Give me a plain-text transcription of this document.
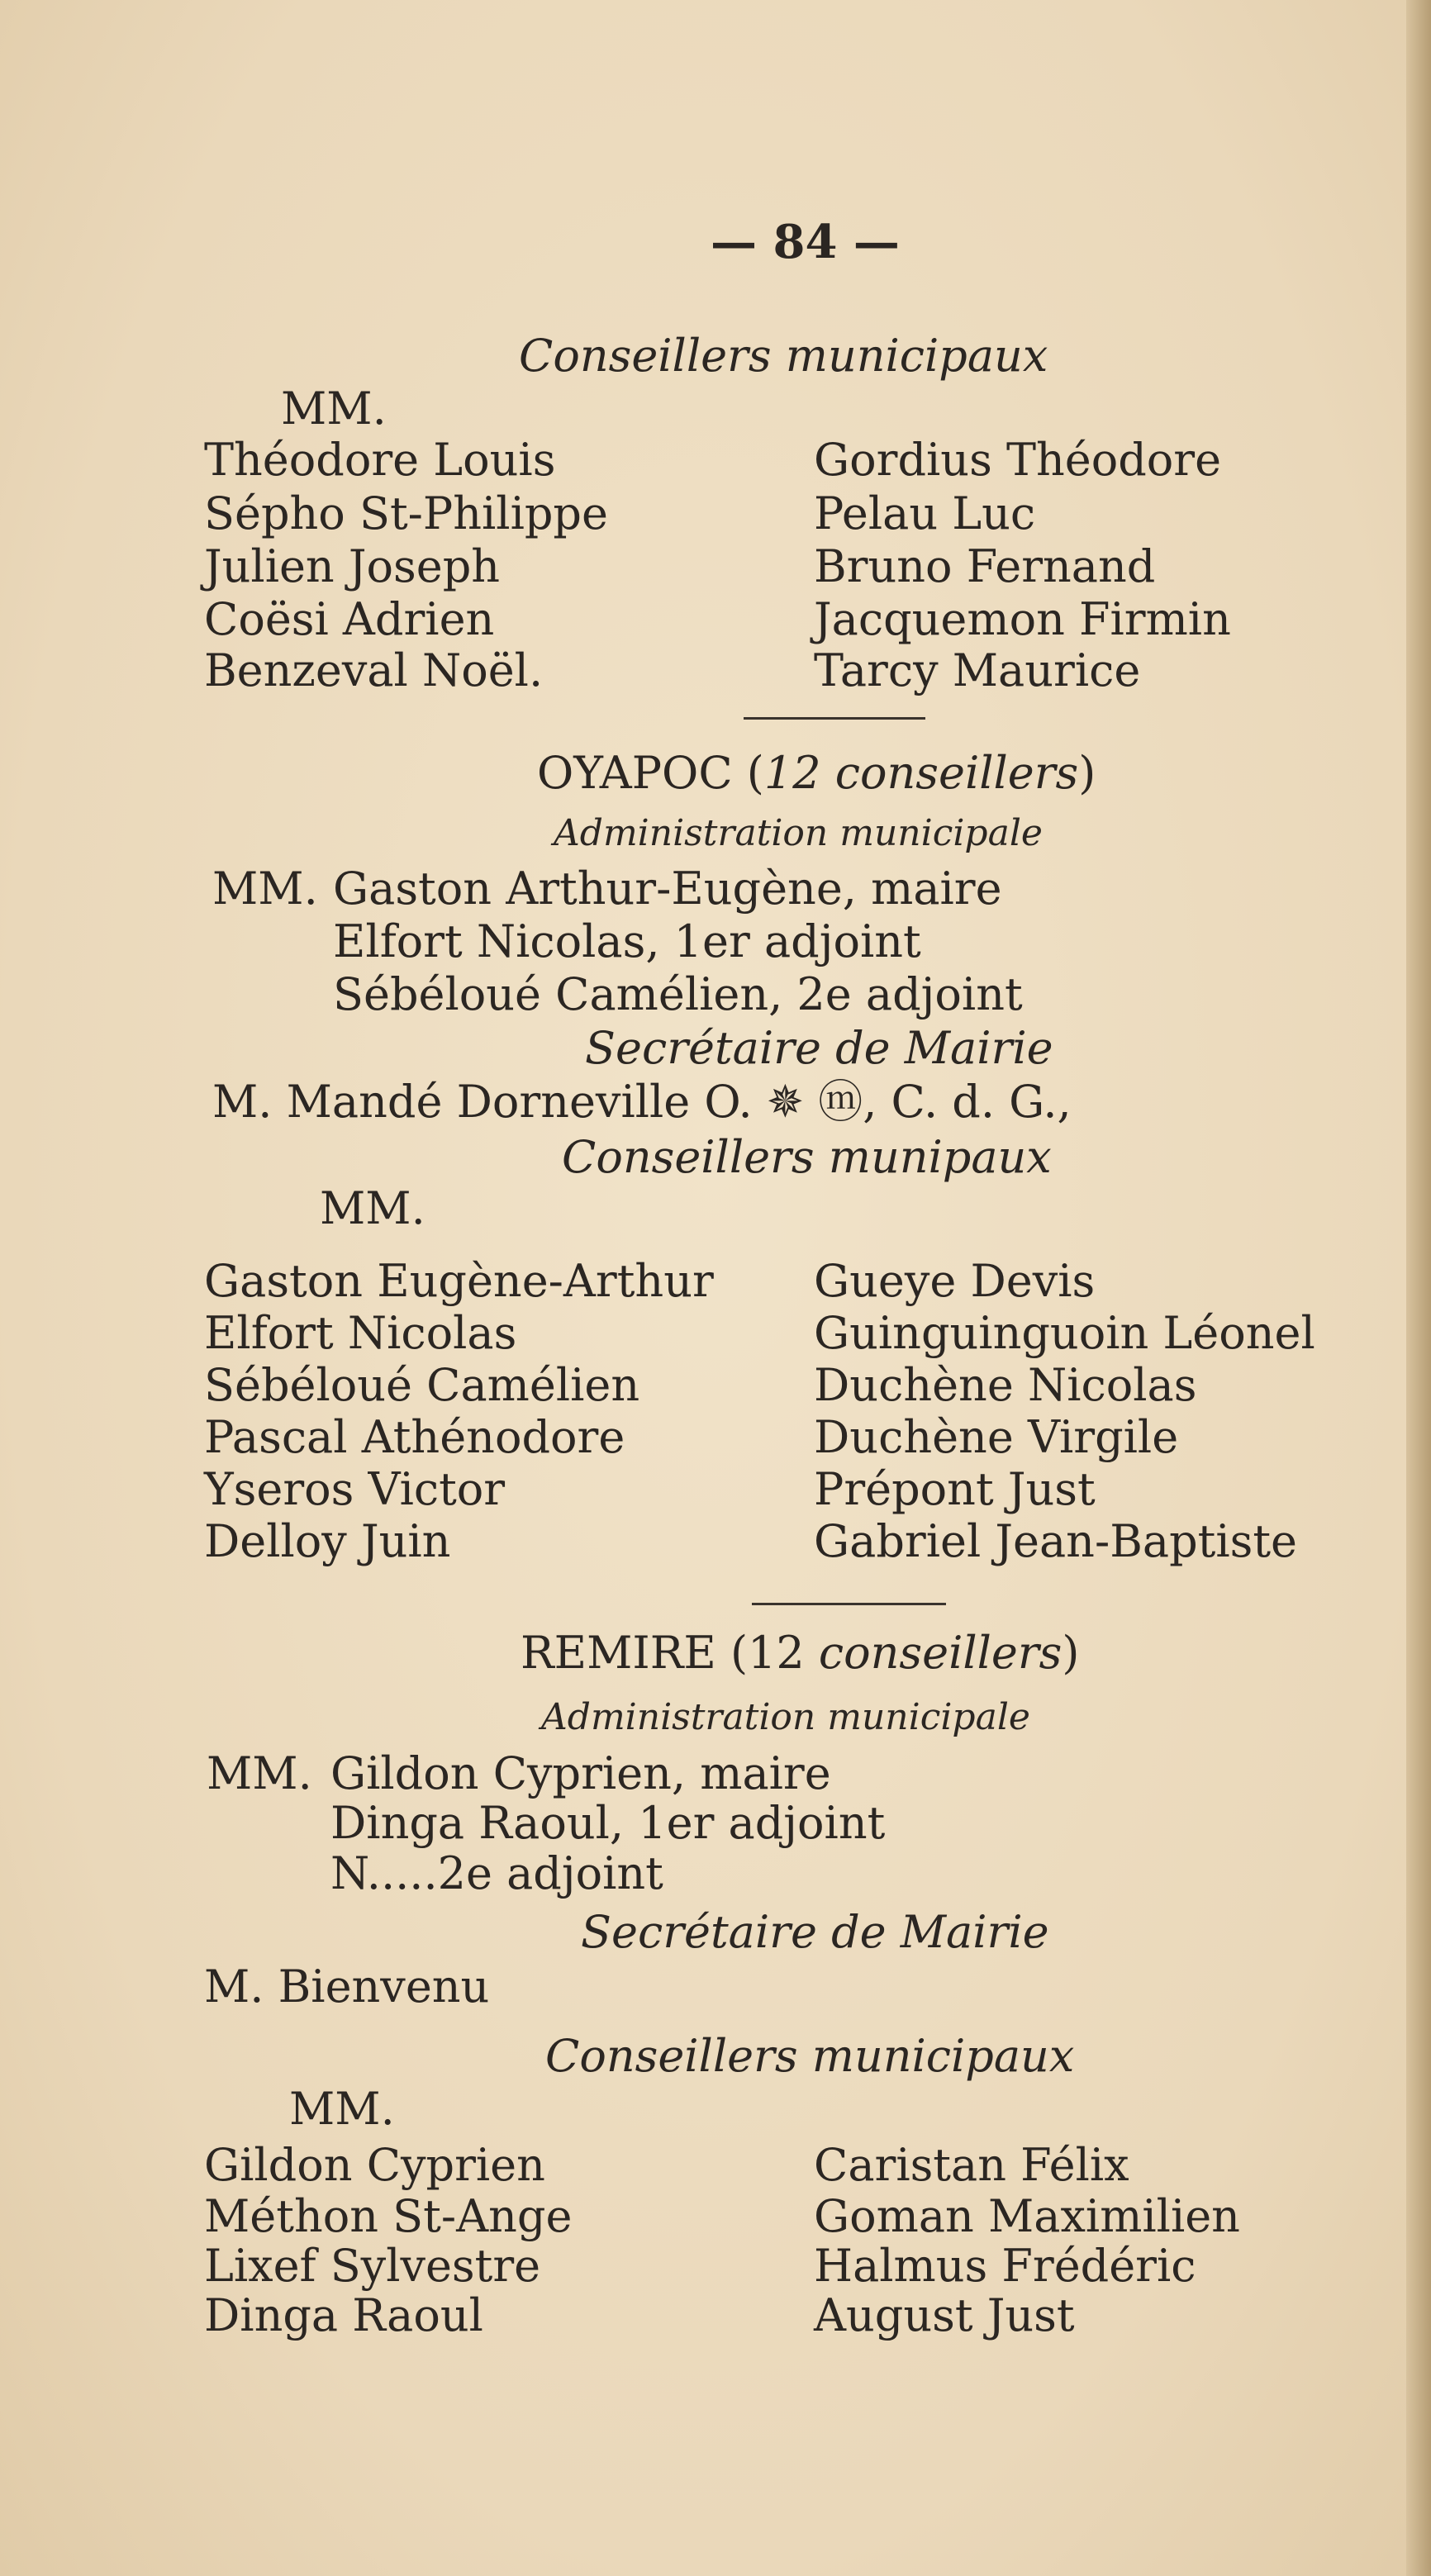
— 84 —
Conseillers municipaux
MM.
Théodore Louis
Sépho St-Philippe
Julien Joseph
Coësi Adrien
Benzeval Noël.
Gordius Théodore
Pelau Luc
Bruno Fernand
Jacquemon Firmin
Tarcy Maurice
OYAPOC (12 conseillers)
Administration municipale
MM. Gaston Arthur-Eugène, maire
Elfort Nicolas, 1er adjoint
Sébéloué Camélien, 2e adjoint
Secrétaire de Mairie
M. Mandé Dorneville O. ✵ ⓜ, C. d. G.,
Conseillers munipaux
MM.
Gaston Eugène-Arthur
Elfort Nicolas
Sébéloué Camélien
Pascal Athénodore
Yseros Victor
Delloy Juin
Gueye Devis
Guinguinguoin Léonel
Duchène Nicolas
Duchène Virgile
Prépont Just
Gabriel Jean-Baptiste
REMIRE (12 conseillers)
Administration municipale
MM. Gildon Cyprien, maire
Dinga Raoul, 1er adjoint
N.....2e adjoint
Secrétaire de Mairie
M. Bienvenu
Conseillers municipaux
MM.
Gildon Cyprien
Méthon St-Ange
Lixef Sylvestre
Dinga Raoul
Caristan Félix
Goman Maximilien
Halmus Frédéric
August Just
